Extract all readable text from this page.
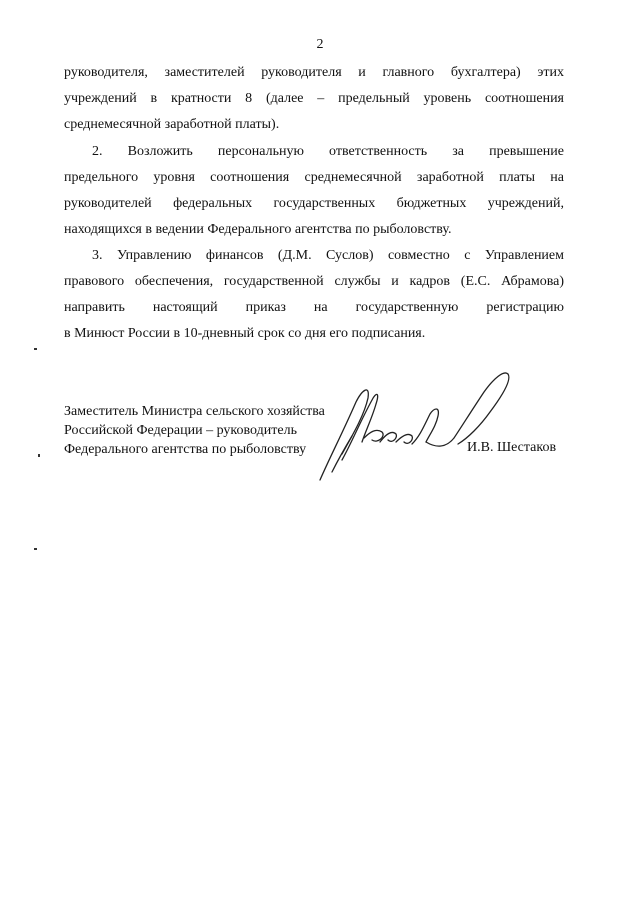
2
руководителя, заместителей руководителя и главного бухгалтера) этих
учреждений в кратности 8 (далее – предельный уровень соотношения
среднемесячной заработной платы).
2. Возложить персональную ответственность за превышение
предельного уровня соотношения среднемесячной заработной платы на
руководителей федеральных государственных бюджетных учреждений,
находящихся в ведении Федерального агентства по рыболовству.
3. Управлению финансов (Д.М. Суслов) совместно с Управлением
правового обеспечения, государственной службы и кадров (Е.С. Абрамова)
направить настоящий приказ на государственную регистрацию
в Минюст России в 10-дневный срок со дня его подписания.
Заместитель Министра сельского хозяйства
Российской Федерации – руководитель
Федерального агентства по рыболовству	И.В. Шестаков
